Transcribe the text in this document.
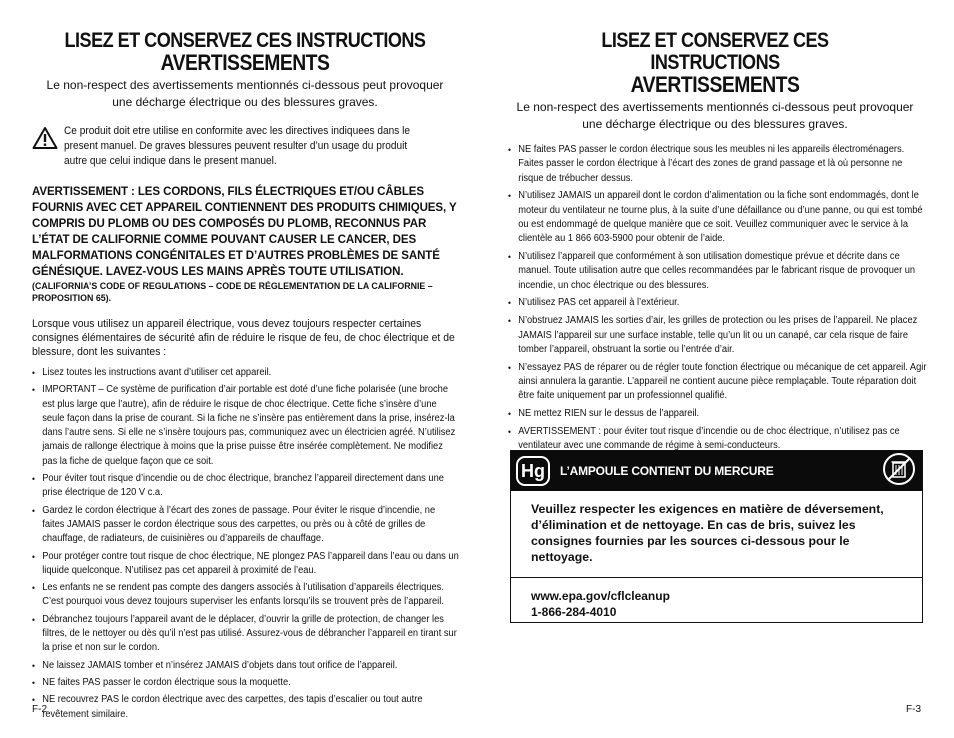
LISEZ ET CONSERVEZ CES INSTRUCTIONS
AVERTISSEMENTS
Le non-respect des avertissements mentionnés ci-dessous peut provoquer
une décharge électrique ou des blessures graves.
Ce produit doit etre utilise en conformite avec les directives indiquees dans le present manuel. De graves blessures peuvent resulter d’un usage du produit autre que celui indique dans le present manuel.
AVERTISSEMENT : LES CORDONS, FILS ÉLECTRIQUES ET/OU CÂBLES FOURNIS AVEC CET APPAREIL CONTIENNENT DES PRODUITS CHIMIQUES, Y COMPRIS DU PLOMB OU DES COMPOSÉS DU PLOMB, RECONNUS PAR L’ÉTAT DE CALIFORNIE COMME POUVANT CAUSER LE CANCER, DES MALFORMATIONS CONGÉNITALES ET D’AUTRES PROBLÈMES DE SANTÉ GÉNÉSIQUE. LAVEZ-VOUS LES MAINS APRÈS TOUTE UTILISATION.
(CALIFORNIA’S CODE OF REGULATIONS – CODE DE RÉGLEMENTATION DE LA CALIFORNIE – PROPOSITION 65).
Lorsque vous utilisez un appareil électrique, vous devez toujours respecter certaines consignes élémentaires de sécurité afin de réduire le risque de feu, de choc électrique et de blessure, dont les suivantes :
• Lisez toutes les instructions avant d’utiliser cet appareil.
• IMPORTANT – Ce système de purification d’air portable est doté d’une fiche polarisée (une broche est plus large que l’autre), afin de réduire le risque de choc électrique. Cette fiche s’insère d’une seule façon dans la prise de courant. Si la fiche ne s’insère pas entièrement dans la prise, insérez-la dans l’autre sens. Si elle ne s’insère toujours pas, communiquez avec un électricien agréé. N’utilisez jamais de rallonge électrique à moins que la prise puisse être insérée complètement. Ne modifiez pas la fiche de quelque façon que ce soit.
• Pour éviter tout risque d’incendie ou de choc électrique, branchez l’appareil directement dans une prise électrique de 120 V c.a.
• Gardez le cordon électrique à l’écart des zones de passage. Pour éviter le risque d’incendie, ne faites JAMAIS passer le cordon électrique sous des carpettes, ou près ou à côté de grilles de chauffage, de radiateurs, de cuisinières ou d’appareils de chauffage.
• Pour protéger contre tout risque de choc électrique, NE plongez PAS l’appareil dans l’eau ou dans un liquide quelconque. N’utilisez pas cet appareil à proximité de l’eau.
• Les enfants ne se rendent pas compte des dangers associés à l’utilisation d’appareils électriques. C’est pourquoi vous devez toujours superviser les enfants lorsqu’ils se trouvent près de l’appareil.
• Débranchez toujours l’appareil avant de le déplacer, d’ouvrir la grille de protection, de changer les filtres, de le nettoyer ou dès qu’il n’est pas utilisé. Assurez-vous de débrancher l’appareil en tirant sur la prise et non sur le cordon.
• Ne laissez JAMAIS tomber et n’insérez JAMAIS d’objets dans tout orifice de l’appareil.
• NE faites PAS passer le cordon électrique sous la moquette.
• NE recouvrez PAS le cordon électrique avec des carpettes, des tapis d’escalier ou tout autre revêtement similaire.
F-2
LISEZ ET CONSERVEZ CES INSTRUCTIONS
AVERTISSEMENTS
Le non-respect des avertissements mentionnés ci-dessous peut provoquer
une décharge électrique ou des blessures graves.
• NE faites PAS passer le cordon électrique sous les meubles ni les appareils électroménagers. Faites passer le cordon électrique à l’écart des zones de grand passage et là où personne ne risque de trébucher dessus.
• N’utilisez JAMAIS un appareil dont le cordon d’alimentation ou la fiche sont endommagés, dont le moteur du ventilateur ne tourne plus, à la suite d’une défaillance ou d’une panne, ou qui est tombé ou est endommagé de quelque manière que ce soit. Veuillez communiquer avec le service à la clientèle au 1 866 603-5900 pour obtenir de l’aide.
• N’utilisez l’appareil que conformément à son utilisation domestique prévue et décrite dans ce manuel. Toute utilisation autre que celles recommandées par le fabricant risque de provoquer un incendie, un choc électrique ou des blessures.
• N’utilisez PAS cet appareil à l’extérieur.
• N’obstruez JAMAIS les sorties d’air, les grilles de protection ou les prises de l’appareil. Ne placez JAMAIS l’appareil sur une surface instable, telle qu’un lit ou un canapé, car cela risque de faire tomber l’appareil, obstruant la sortie ou l’entrée d’air.
• N’essayez PAS de réparer ou de régler toute fonction électrique ou mécanique de cet appareil. Agir ainsi annulera la garantie. L’appareil ne contient aucune pièce remplaçable. Toute réparation doit être faite uniquement par un professionnel qualifié.
• NE mettez RIEN sur le dessus de l’appareil.
• AVERTISSEMENT : pour éviter tout risque d’incendie ou de choc électrique, n’utilisez pas ce ventilateur avec une commande de régime à semi-conducteurs.
Hg	L’AMPOULE CONTIENT DU MERCURE
Veuillez respecter les exigences en matière de déversement, d’élimination et de nettoyage. En cas de bris, suivez les consignes fournies par les sources ci-dessous pour le nettoyage.
www.epa.gov/cflcleanup
1-866-284-4010
F-3
